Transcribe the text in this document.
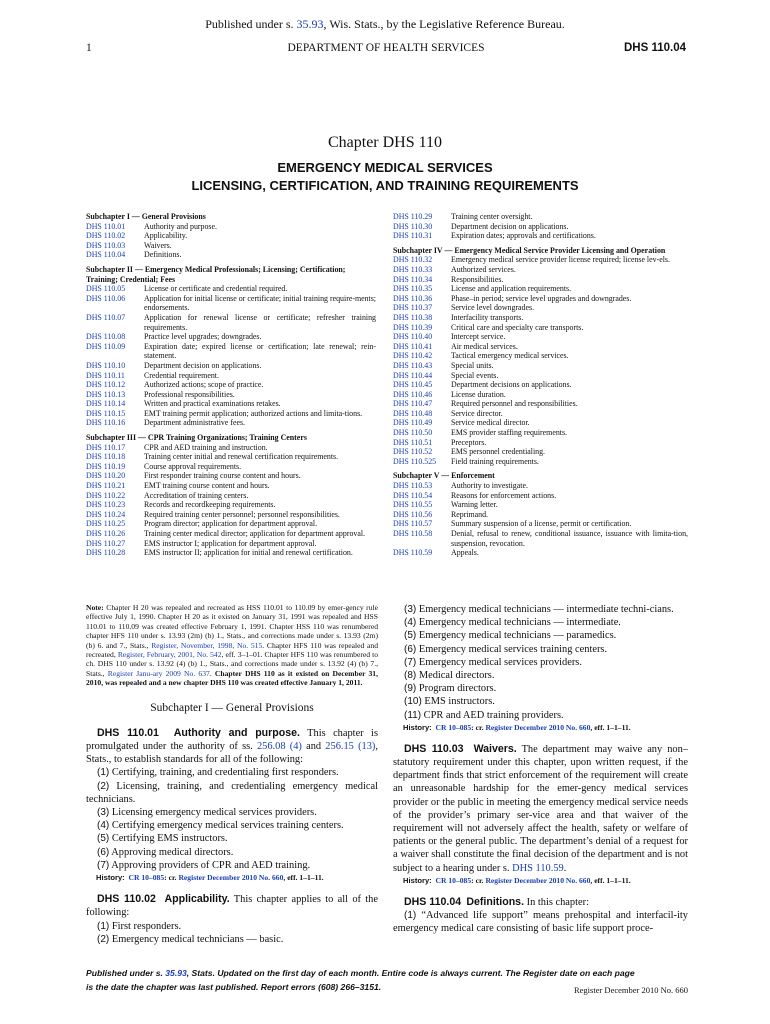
Published under s. 35.93, Wis. Stats., by the Legislative Reference Bureau.
1	DEPARTMENT OF HEALTH SERVICES	DHS 110.04
Chapter DHS 110
EMERGENCY MEDICAL SERVICES
LICENSING, CERTIFICATION, AND TRAINING REQUIREMENTS
Subchapter I — General Provisions
DHS 110.01	Authority and purpose.
DHS 110.02	Applicability.
DHS 110.03	Waivers.
DHS 110.04	Definitions.
Subchapter II — Emergency Medical Professionals; Licensing; Certification; Training; Credential; Fees
DHS 110.05	License or certificate and credential required.
DHS 110.06	Application for initial license or certificate; initial training require-ments; endorsements.
DHS 110.07	Application for renewal license or certificate; refresher training requirements.
DHS 110.08	Practice level upgrades; downgrades.
DHS 110.09	Expiration date; expired license or certification; late renewal; rein-statement.
DHS 110.10	Department decision on applications.
DHS 110.11	Credential requirement.
DHS 110.12	Authorized actions; scope of practice.
DHS 110.13	Professional responsibilities.
DHS 110.14	Written and practical examinations retakes.
DHS 110.15	EMT training permit application; authorized actions and limita-tions.
DHS 110.16	Department administrative fees.
Subchapter III — CPR Training Organizations; Training Centers
DHS 110.17	CPR and AED training and instruction.
DHS 110.18	Training center initial and renewal certification requirements.
DHS 110.19	Course approval requirements.
DHS 110.20	First responder training course content and hours.
DHS 110.21	EMT training course content and hours.
DHS 110.22	Accreditation of training centers.
DHS 110.23	Records and recordkeeping requirements.
DHS 110.24	Required training center personnel; personnel responsibilities.
DHS 110.25	Program director; application for department approval.
DHS 110.26	Training center medical director; application for department approval.
DHS 110.27	EMS instructor I; application for department approval.
DHS 110.28	EMS instructor II; application for initial and renewal certification.
DHS 110.29	Training center oversight.
DHS 110.30	Department decision on applications.
DHS 110.31	Expiration dates; approvals and certifications.
Subchapter IV — Emergency Medical Service Provider Licensing and Operation
DHS 110.32	Emergency medical service provider license required; license lev-els.
DHS 110.33	Authorized services.
DHS 110.34	Responsibilities.
DHS 110.35	License and application requirements.
DHS 110.36	Phase–in period; service level upgrades and downgrades.
DHS 110.37	Service level downgrades.
DHS 110.38	Interfacility transports.
DHS 110.39	Critical care and specialty care transports.
DHS 110.40	Intercept service.
DHS 110.41	Air medical services.
DHS 110.42	Tactical emergency medical services.
DHS 110.43	Special units.
DHS 110.44	Special events.
DHS 110.45	Department decisions on applications.
DHS 110.46	License duration.
DHS 110.47	Required personnel and responsibilities.
DHS 110.48	Service director.
DHS 110.49	Service medical director.
DHS 110.50	EMS provider staffing requirements.
DHS 110.51	Preceptors.
DHS 110.52	EMS personnel credentialing.
DHS 110.525	Field training requirements.
Subchapter V — Enforcement
DHS 110.53	Authority to investigate.
DHS 110.54	Reasons for enforcement actions.
DHS 110.55	Warning letter.
DHS 110.56	Reprimand.
DHS 110.57	Summary suspension of a license, permit or certification.
DHS 110.58	Denial, refusal to renew, conditional issuance, issuance with limita-tion, suspension, revocation.
DHS 110.59	Appeals.
Note: Chapter H 20 was repealed and recreated as HSS 110.01 to 110.09 by emer-gency rule effective July 1, 1990. Chapter H 20 as it existed on January 31, 1991 was repealed and HSS 110.01 to 110.09 was created effective February 1, 1991. Chapter HSS 110 was renumbered chapter HFS 110 under s. 13.93 (2m) (b) 1., Stats., and corrections made under s. 13.93 (2m) (b) 6. and 7., Stats., Register, November, 1998, No. 515. Chapter HFS 110 was repealed and recreated, Register, February, 2001, No. 542, eff. 3–1–01. Chapter HFS 110 was renumbered to ch. DHS 110 under s. 13.92 (4) (b) 1., Stats., and corrections made under s. 13.92 (4) (b) 7., Stats., Register Janu-ary 2009 No. 637. Chapter DHS 110 as it existed on December 31, 2010, was repealed and a new chapter DHS 110 was created effective January 1, 2011.
Subchapter I — General Provisions
DHS 110.01 Authority and purpose. This chapter is promulgated under the authority of ss. 256.08 (4) and 256.15 (13), Stats., to establish standards for all of the following:
(1) Certifying, training, and credentialing first responders.
(2) Licensing, training, and credentialing emergency medical technicians.
(3) Licensing emergency medical services providers.
(4) Certifying emergency medical services training centers.
(5) Certifying EMS instructors.
(6) Approving medical directors.
(7) Approving providers of CPR and AED training.
History: CR 10–085: cr. Register December 2010 No. 660, eff. 1–1–11.
DHS 110.02 Applicability. This chapter applies to all of the following:
(1) First responders.
(2) Emergency medical technicians — basic.
(3) Emergency medical technicians — intermediate techni-cians.
(4) Emergency medical technicians — intermediate.
(5) Emergency medical technicians — paramedics.
(6) Emergency medical services training centers.
(7) Emergency medical services providers.
(8) Medical directors.
(9) Program directors.
(10) EMS instructors.
(11) CPR and AED training providers.
History: CR 10–085: cr. Register December 2010 No. 660, eff. 1–1–11.
DHS 110.03 Waivers. The department may waive any non–statutory requirement under this chapter, upon written request, if the department finds that strict enforcement of the requirement will create an unreasonable hardship for the emer-gency medical services provider or the public in meeting the emergency medical service needs of the provider’s primary ser-vice area and that waiver of the requirement will not adversely affect the health, safety or welfare of patients or the general public. The department’s denial of a request for a waiver shall constitute the final decision of the department and is not subject to a hearing under s. DHS 110.59.
History: CR 10–085: cr. Register December 2010 No. 660, eff. 1–1–11.
DHS 110.04 Definitions. In this chapter:
(1) “Advanced life support” means prehospital and interfacil-ity emergency medical care consisting of basic life support proce-
Published under s. 35.93, Stats. Updated on the first day of each month. Entire code is always current. The Register date on each page
is the date the chapter was last published. Report errors (608) 266–3151.	Register December 2010 No. 660
